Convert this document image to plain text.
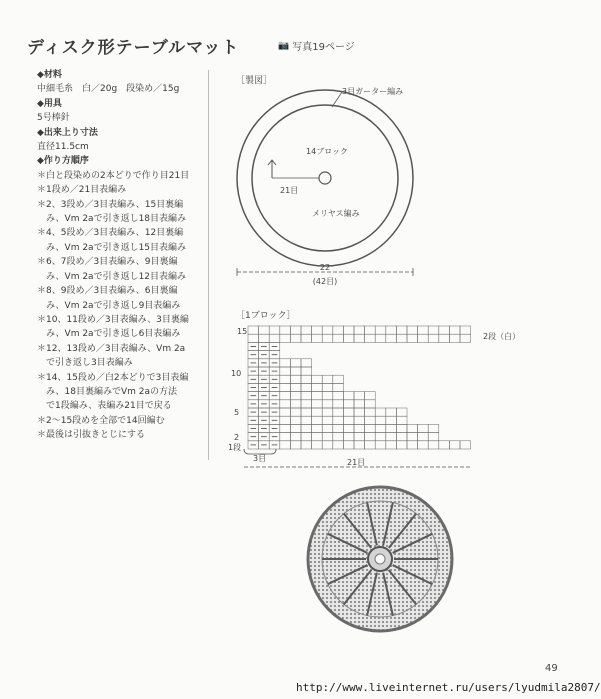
ディスク形テーブルマット	📷 写真19ページ
◆材料
中細毛糸　白／20g　段染め／15g
◆用具
5号棒針
◆出来上り寸法
直径11.5cm
◆作り方順序
＊白と段染めの2本どりで作り目21目
＊1段め／21目表編み
＊2、3段め／3目表編み、15目裏編
　み、Vm 2aで引き返し18目表編み
＊4、5段め／3目表編み、12目裏編
　み、Vm 2aで引き返し15目表編み
＊6、7段め／3目表編み、9目裏編
　み、Vm 2aで引き返し12目表編み
＊8、9段め／3目表編み、6目裏編
　み、Vm 2aで引き返し9目表編み
＊10、11段め／3目表編み、3目裏編
　み、Vm 2aで引き返し6目表編み
＊12、13段め／3目表編み、Vm 2a
　で引き返し3目表編み
＊14、15段め／白2本どりで3目表編
　み、18目裏編みでVm 2aの方法
　で1段編み、表編み21目で戻る
＊2～15段めを全部で14回編む
＊最後は引抜きとじにする
［製図］
3目ガーター編み
14ブロック
21目
メリヤス編み
22
(42目)
［1ブロック］
15
10
5
2
1段
2段（白）
3目	21目
49
http://www.liveinternet.ru/users/lyudmila2807/
